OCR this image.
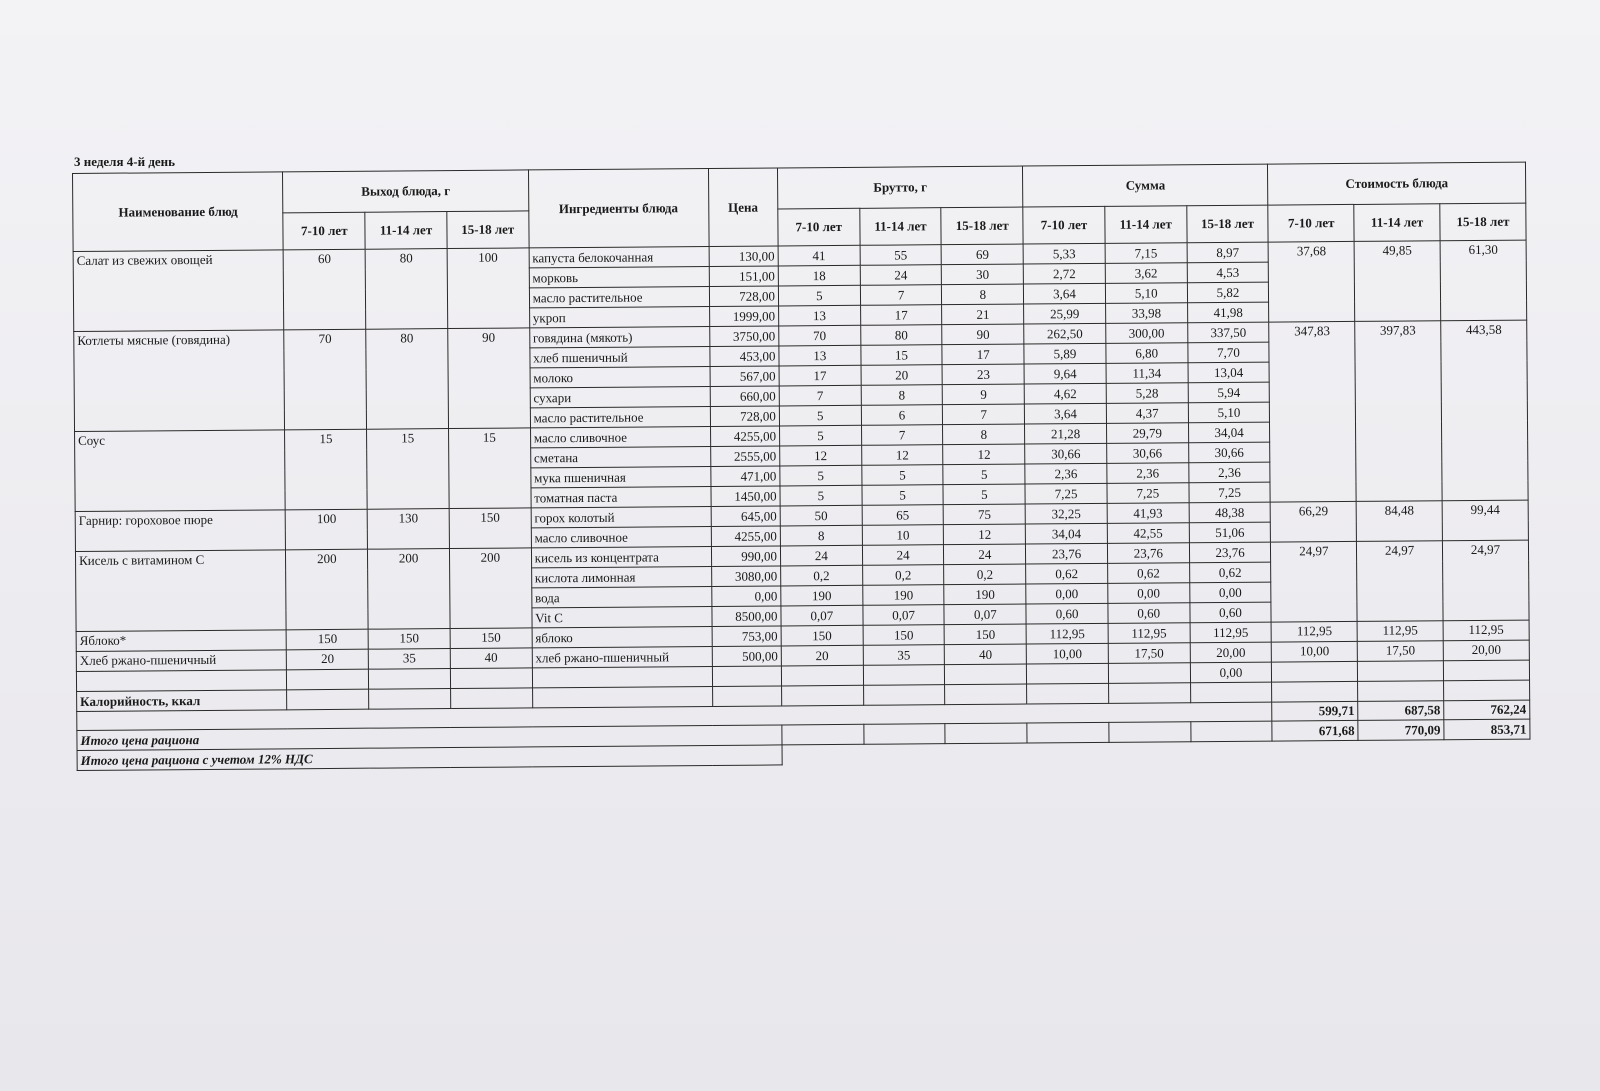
3 неделя 4-й день
Наименование блюд	Выход блюда, г			Ингредиенты блюда	Цена	Брутто, г			Сумма			Стоимость блюда		
	7-10 лет	11-14 лет	15-18 лет			7-10 лет	11-14 лет	15-18 лет	7-10 лет	11-14 лет	15-18 лет	7-10 лет	11-14 лет	15-18 лет
Салат из свежих овощей	60	80	100	капуста белокочанная	130,00	41	55	69	5,33	7,15	8,97	37,68	49,85	61,30
				морковь	151,00	18	24	30	2,72	3,62	4,53			
				масло растительное	728,00	5	7	8	3,64	5,10	5,82			
				укроп	1999,00	13	17	21	25,99	33,98	41,98			
Котлеты мясные (говядина)	70	80	90	говядина (мякоть)	3750,00	70	80	90	262,50	300,00	337,50	347,83	397,83	443,58
				хлеб пшеничный	453,00	13	15	17	5,89	6,80	7,70			
				молоко	567,00	17	20	23	9,64	11,34	13,04			
				сухари	660,00	7	8	9	4,62	5,28	5,94			
				масло растительное	728,00	5	6	7	3,64	4,37	5,10			
Соус	15	15	15	масло сливочное	4255,00	5	7	8	21,28	29,79	34,04			
				сметана	2555,00	12	12	12	30,66	30,66	30,66			
				мука пшеничная	471,00	5	5	5	2,36	2,36	2,36			
				томатная паста	1450,00	5	5	5	7,25	7,25	7,25			
Гарнир: гороховое пюре	100	130	150	горох колотый	645,00	50	65	75	32,25	41,93	48,38	66,29	84,48	99,44
				масло сливочное	4255,00	8	10	12	34,04	42,55	51,06			
Кисель с витамином С	200	200	200	кисель из концентрата	990,00	24	24	24	23,76	23,76	23,76	24,97	24,97	24,97
				кислота лимонная	3080,00	0,2	0,2	0,2	0,62	0,62	0,62			
				вода	0,00	190	190	190	0,00	0,00	0,00			
				Vit C	8500,00	0,07	0,07	0,07	0,60	0,60	0,60			
Яблоко*	150	150	150	яблоко	753,00	150	150	150	112,95	112,95	112,95	112,95	112,95	112,95
Хлеб ржано-пшеничный	20	35	40	хлеб ржано-пшеничный	500,00	20	35	40	10,00	17,50	20,00	10,00	17,50	20,00
											0,00			
Калорийность, ккал														
												599,71	687,58	762,24
Итого цена рациона												671,68	770,09	853,71
Итого цена рациона с учетом 12% НДС														
